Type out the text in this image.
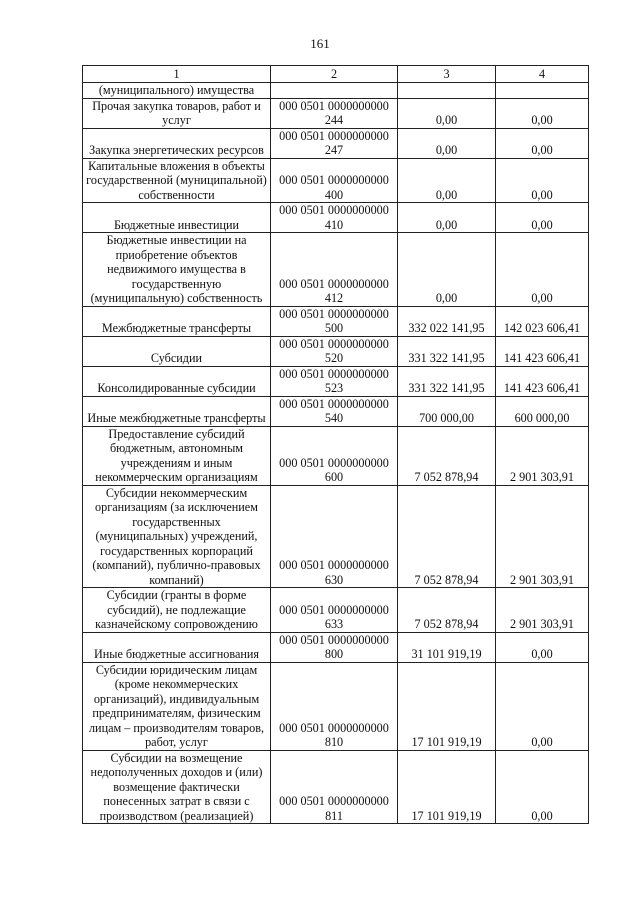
161
1	2	3	4
(муниципального) имущества			
Прочая закупка товаров, работ и услуг	000 0501 0000000000 244	0,00	0,00
Закупка энергетических ресурсов	000 0501 0000000000 247	0,00	0,00
Капитальные вложения в объекты государственной (муниципальной) собственности	000 0501 0000000000 400	0,00	0,00
Бюджетные инвестиции	000 0501 0000000000 410	0,00	0,00
Бюджетные инвестиции на приобретение объектов недвижимого имущества в государственную (муниципальную) собственность	000 0501 0000000000 412	0,00	0,00
Межбюджетные трансферты	000 0501 0000000000 500	332 022 141,95	142 023 606,41
Субсидии	000 0501 0000000000 520	331 322 141,95	141 423 606,41
Консолидированные субсидии	000 0501 0000000000 523	331 322 141,95	141 423 606,41
Иные межбюджетные трансферты	000 0501 0000000000 540	700 000,00	600 000,00
Предоставление субсидий бюджетным, автономным учреждениям и иным некоммерческим организациям	000 0501 0000000000 600	7 052 878,94	2 901 303,91
Субсидии некоммерческим организациям (за исключением государственных (муниципальных) учреждений, государственных корпораций (компаний), публично-правовых компаний)	000 0501 0000000000 630	7 052 878,94	2 901 303,91
Субсидии (гранты в форме субсидий), не подлежащие казначейскому сопровождению	000 0501 0000000000 633	7 052 878,94	2 901 303,91
Иные бюджетные ассигнования	000 0501 0000000000 800	31 101 919,19	0,00
Субсидии юридическим лицам (кроме некоммерческих организаций), индивидуальным предпринимателям, физическим лицам – производителям товаров, работ, услуг	000 0501 0000000000 810	17 101 919,19	0,00
Субсидии на возмещение недополученных доходов и (или) возмещение фактически понесенных затрат в связи с производством (реализацией)	000 0501 0000000000 811	17 101 919,19	0,00
